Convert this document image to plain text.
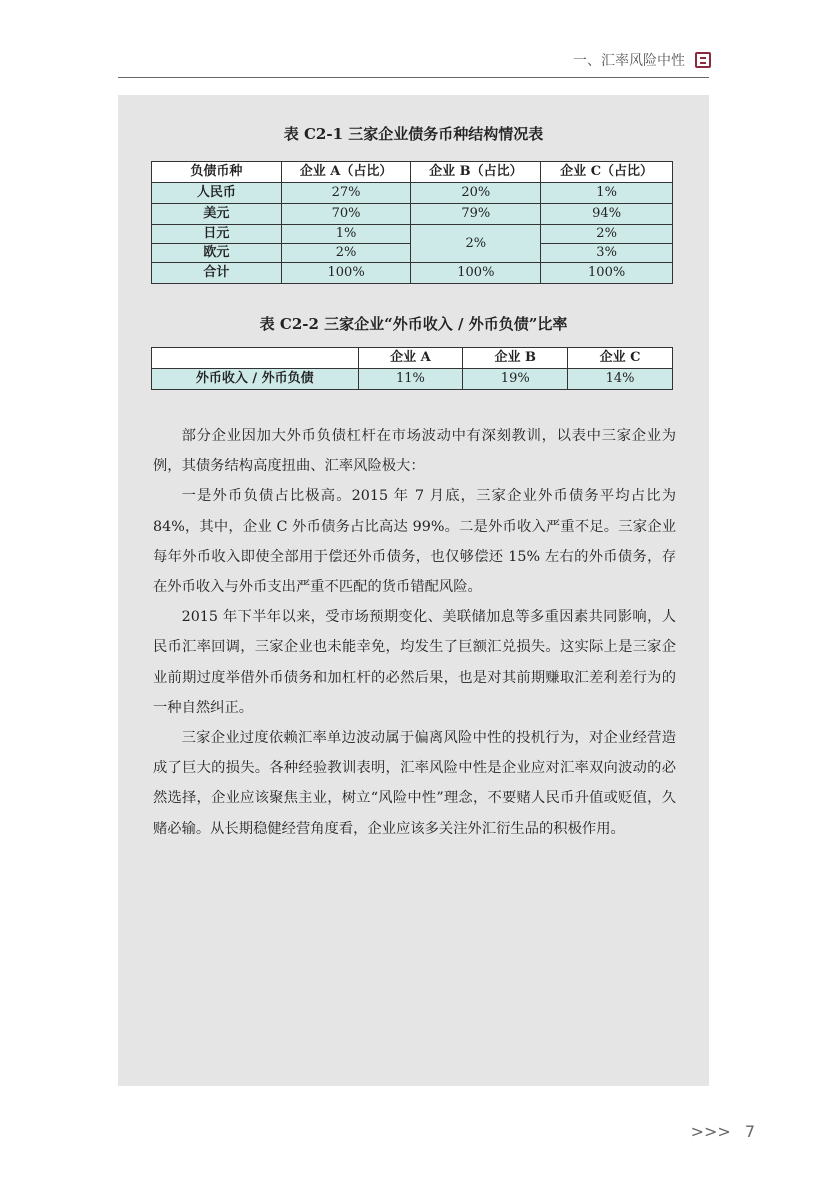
一、汇率风险中性
表 C2-1 三家企业债务币种结构情况表
负债币种	企业 A（占比）	企业 B（占比）	企业 C（占比）
人民币	27%	20%	1%
美元	70%	79%	94%
日元	1%	2%	2%
欧元	2%		3%
合计	100%	100%	100%
表 C2-2 三家企业“外币收入 / 外币负债”比率
	企业 A	企业 B	企业 C
外币收入 / 外币负债	11%	19%	14%

部分企业因加大外币负债杠杆在市场波动中有深刻教训，以表中三家企业为例，其债务结构高度扭曲、汇率风险极大：

一是外币负债占比极高。2015 年 7 月底，三家企业外币债务平均占比为 84%，其中，企业 C 外币债务占比高达 99%。二是外币收入严重不足。三家企业每年外币收入即使全部用于偿还外币债务，也仅够偿还 15% 左右的外币债务，存在外币收入与外币支出严重不匹配的货币错配风险。

2015 年下半年以来，受市场预期变化、美联储加息等多重因素共同影响，人民币汇率回调，三家企业也未能幸免，均发生了巨额汇兑损失。这实际上是三家企业前期过度举借外币债务和加杠杆的必然后果，也是对其前期赚取汇差利差行为的一种自然纠正。

三家企业过度依赖汇率单边波动属于偏离风险中性的投机行为，对企业经营造成了巨大的损失。各种经验教训表明，汇率风险中性是企业应对汇率双向波动的必然选择，企业应该聚焦主业，树立“风险中性”理念，不要赌人民币升值或贬值，久赌必输。从长期稳健经营角度看，企业应该多关注外汇衍生品的积极作用。

>>> 7
